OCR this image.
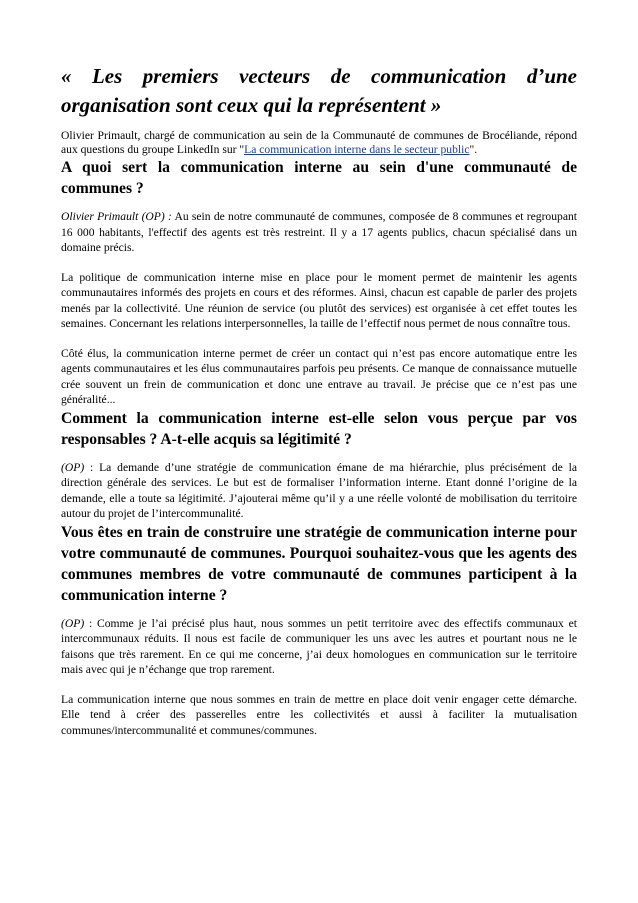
« Les premiers vecteurs de communication d’une organisation sont ceux qui la représentent »

Olivier Primault, chargé de communication au sein de la Communauté de communes de Brocéliande, répond aux questions du groupe LinkedIn sur "La communication interne dans le secteur public".

A quoi sert la communication interne au sein d'une communauté de communes ?

Olivier Primault (OP) : Au sein de notre communauté de communes, composée de 8 communes et regroupant 16 000 habitants, l'effectif des agents est très restreint. Il y a 17 agents publics, chacun spécialisé dans un domaine précis.

La politique de communication interne mise en place pour le moment permet de maintenir les agents communautaires informés des projets en cours et des réformes. Ainsi, chacun est capable de parler des projets menés par la collectivité. Une réunion de service (ou plutôt des services) est organisée à cet effet toutes les semaines. Concernant les relations interpersonnelles, la taille de l’effectif nous permet de nous connaître tous.

Côté élus, la communication interne permet de créer un contact qui n’est pas encore automatique entre les agents communautaires et les élus communautaires parfois peu présents. Ce manque de connaissance mutuelle crée souvent un frein de communication et donc une entrave au travail. Je précise que ce n’est pas une généralité...

Comment la communication interne est-elle selon vous perçue par vos responsables ? A-t-elle acquis sa légitimité ?

(OP) : La demande d’une stratégie de communication émane de ma hiérarchie, plus précisément de la direction générale des services. Le but est de formaliser l’information interne. Etant donné l’origine de la demande, elle a toute sa légitimité. J’ajouterai même qu’il y a une réelle volonté de mobilisation du territoire autour du projet de l’intercommunalité.

Vous êtes en train de construire une stratégie de communication interne pour votre communauté de communes. Pourquoi souhaitez-vous que les agents des communes membres de votre communauté de communes participent à la communication interne ?

(OP) : Comme je l’ai précisé plus haut, nous sommes un petit territoire avec des effectifs communaux et intercommunaux réduits. Il nous est facile de communiquer les uns avec les autres et pourtant nous ne le faisons que très rarement. En ce qui me concerne, j’ai deux homologues en communication sur le territoire mais avec qui je n’échange que trop rarement.

La communication interne que nous sommes en train de mettre en place doit venir engager cette démarche. Elle tend à créer des passerelles entre les collectivités et aussi à faciliter la mutualisation communes/intercommunalité et communes/communes.
